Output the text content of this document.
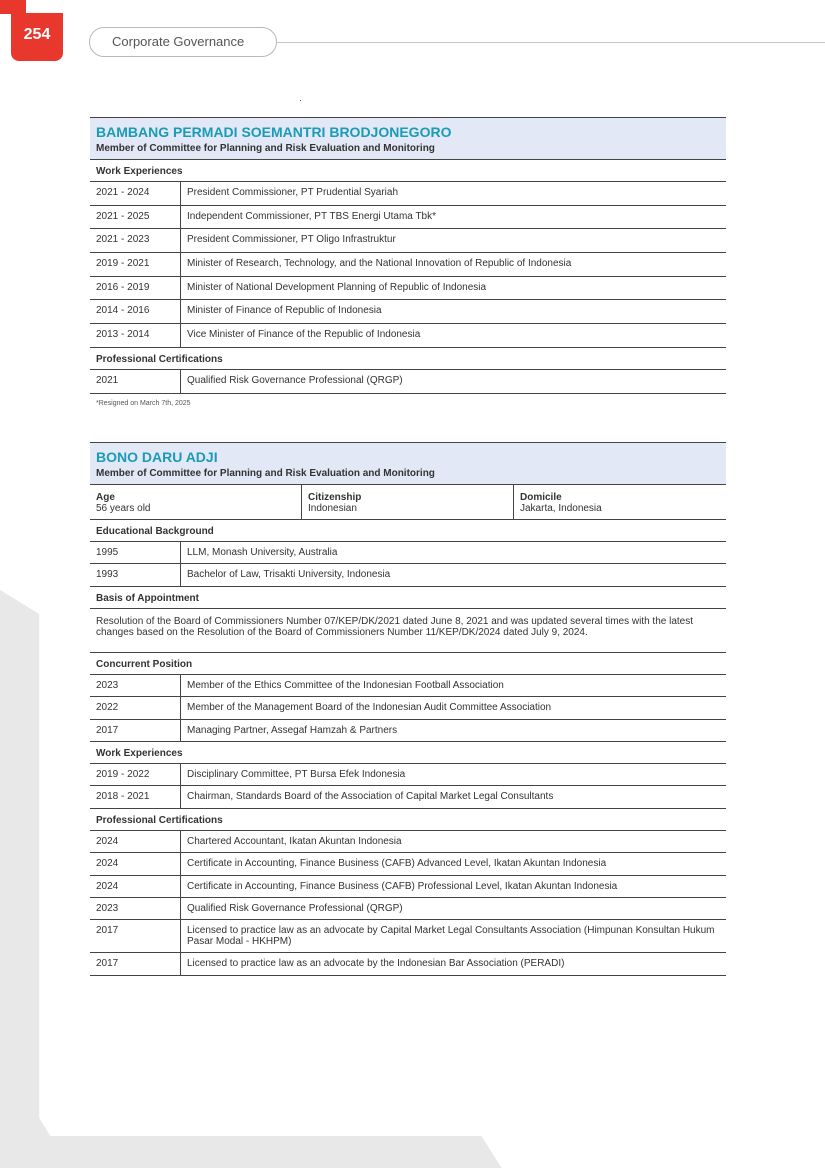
254	Corporate Governance
BAMBANG PERMADI SOEMANTRI BRODJONEGORO
Member of Committee for Planning and Risk Evaluation and Monitoring
Work Experiences
2021 - 2024	President Commissioner, PT Prudential Syariah
2021 - 2025	Independent Commissioner, PT TBS Energi Utama Tbk*
2021 - 2023	President Commissioner, PT Oligo Infrastruktur
2019 - 2021	Minister of Research, Technology, and the National Innovation of Republic of Indonesia
2016 - 2019	Minister of National Development Planning of Republic of Indonesia
2014 - 2016	Minister of Finance of Republic of Indonesia
2013 - 2014	Vice Minister of Finance of the Republic of Indonesia
Professional Certifications
2021	Qualified Risk Governance Professional (QRGP)
*Resigned on March 7th, 2025
BONO DARU ADJI
Member of Committee for Planning and Risk Evaluation and Monitoring
Age
56 years old
Citizenship
Indonesian
Domicile
Jakarta, Indonesia
Educational Background
1995	LLM, Monash University, Australia
1993	Bachelor of Law, Trisakti University, Indonesia
Basis of Appointment
Resolution of the Board of Commissioners Number 07/KEP/DK/2021 dated June 8, 2021 and was updated several times with the latest changes based on the Resolution of the Board of Commissioners Number 11/KEP/DK/2024 dated July 9, 2024.
Concurrent Position
2023	Member of the Ethics Committee of the Indonesian Football Association
2022	Member of the Management Board of the Indonesian Audit Committee Association
2017	Managing Partner, Assegaf Hamzah & Partners
Work Experiences
2019 - 2022	Disciplinary Committee, PT Bursa Efek Indonesia
2018 - 2021	Chairman, Standards Board of the Association of Capital Market Legal Consultants
Professional Certifications
2024	Chartered Accountant, Ikatan Akuntan Indonesia
2024	Certificate in Accounting, Finance Business (CAFB) Advanced Level, Ikatan Akuntan Indonesia
2024	Certificate in Accounting, Finance Business (CAFB) Professional Level, Ikatan Akuntan Indonesia
2023	Qualified Risk Governance Professional (QRGP)
2017	Licensed to practice law as an advocate by Capital Market Legal Consultants Association (Himpunan Konsultan Hukum Pasar Modal - HKHPM)
2017	Licensed to practice law as an advocate by the Indonesian Bar Association (PERADI)
